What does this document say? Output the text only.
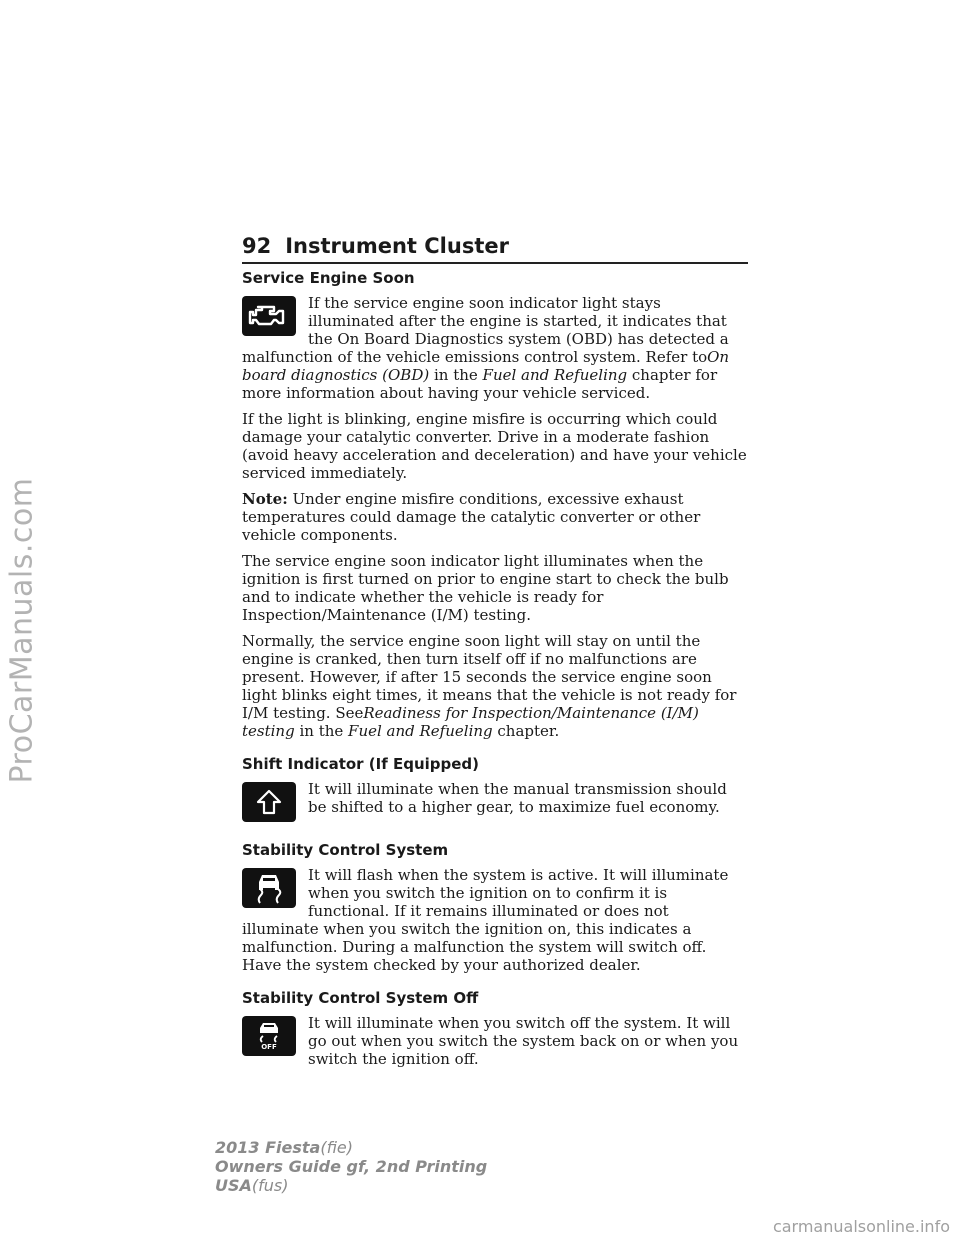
ProCarManuals.com
92 Instrument Cluster
Service Engine Soon

If the service engine soon indicator light stays illuminated after the engine is started, it indicates that the On Board Diagnostics system (OBD) has detected a malfunction of the vehicle emissions control system. Refer toOn board diagnostics (OBD) in the Fuel and Refueling chapter for more information about having your vehicle serviced.

If the light is blinking, engine misfire is occurring which could damage your catalytic converter. Drive in a moderate fashion (avoid heavy acceleration and deceleration) and have your vehicle serviced immediately.

Note: Under engine misfire conditions, excessive exhaust temperatures could damage the catalytic converter or other vehicle components.

The service engine soon indicator light illuminates when the ignition is first turned on prior to engine start to check the bulb and to indicate whether the vehicle is ready for Inspection/Maintenance (I/M) testing.

Normally, the service engine soon light will stay on until the engine is cranked, then turn itself off if no malfunctions are present. However, if after 15 seconds the service engine soon light blinks eight times, it means that the vehicle is not ready for I/M testing. SeeReadiness for Inspection/Maintenance (I/M) testing in the Fuel and Refueling chapter.

Shift Indicator (If Equipped)

It will illuminate when the manual transmission should be shifted to a higher gear, to maximize fuel economy.

Stability Control System

It will flash when the system is active. It will illuminate when you switch the ignition on to confirm it is functional. If it remains illuminated or does not illuminate when you switch the ignition on, this indicates a malfunction. During a malfunction the system will switch off. Have the system checked by your authorized dealer.

Stability Control System Off
OFF

It will illuminate when you switch off the system. It will go out when you switch the system back on or when you switch the ignition off.

2013 Fiesta(fie)
Owners Guide gf, 2nd Printing
USA(fus)
carmanualsonline.info
